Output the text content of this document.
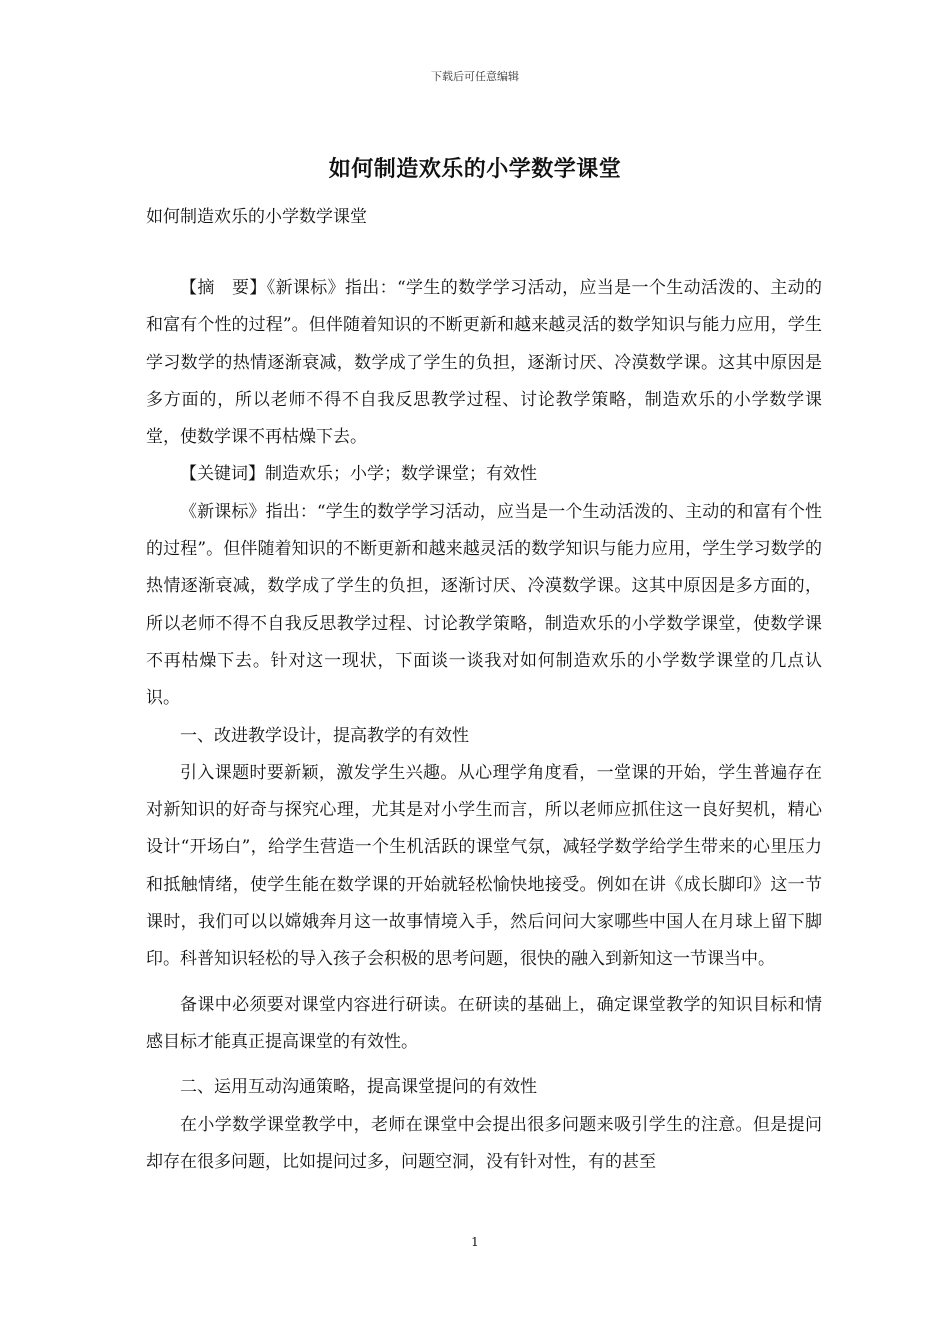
下载后可任意编辑
如何制造欢乐的小学数学课堂
如何制造欢乐的小学数学课堂

【摘　要】《新课标》指出：“学生的数学学习活动，应当是一个生动活泼的、主动的和富有个性的过程”。但伴随着知识的不断更新和越来越灵活的数学知识与能力应用，学生学习数学的热情逐渐衰减，数学成了学生的负担，逐渐讨厌、冷漠数学课。这其中原因是多方面的，所以老师不得不自我反思教学过程、讨论教学策略，制造欢乐的小学数学课堂，使数学课不再枯燥下去。

【关键词】制造欢乐；小学；数学课堂；有效性

《新课标》指出：“学生的数学学习活动，应当是一个生动活泼的、主动的和富有个性的过程”。但伴随着知识的不断更新和越来越灵活的数学知识与能力应用，学生学习数学的热情逐渐衰减，数学成了学生的负担，逐渐讨厌、冷漠数学课。这其中原因是多方面的，所以老师不得不自我反思教学过程、讨论教学策略，制造欢乐的小学数学课堂，使数学课不再枯燥下去。针对这一现状，下面谈一谈我对如何制造欢乐的小学数学课堂的几点认识。

一、改进教学设计，提高教学的有效性

引入课题时要新颖，激发学生兴趣。从心理学角度看，一堂课的开始，学生普遍存在对新知识的好奇与探究心理，尤其是对小学生而言，所以老师应抓住这一良好契机，精心设计“开场白”，给学生营造一个生机活跃的课堂气氛，减轻学数学给学生带来的心里压力和抵触情绪，使学生能在数学课的开始就轻松愉快地接受。例如在讲《成长脚印》这一节课时，我们可以以嫦娥奔月这一故事情境入手，然后问问大家哪些中国人在月球上留下脚印。科普知识轻松的导入孩子会积极的思考问题，很快的融入到新知这一节课当中。

备课中必须要对课堂内容进行研读。在研读的基础上，确定课堂教学的知识目标和情感目标才能真正提高课堂的有效性。

二、运用互动沟通策略，提高课堂提问的有效性

在小学数学课堂教学中，老师在课堂中会提出很多问题来吸引学生的注意。但是提问却存在很多问题，比如提问过多，问题空洞，没有针对性，有的甚至

1
